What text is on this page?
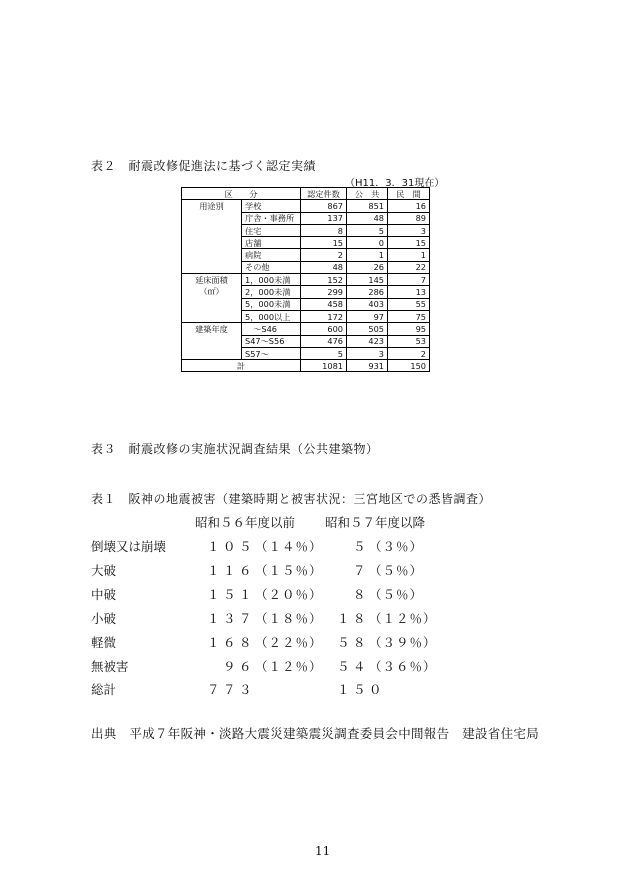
表２　耐震改修促進法に基づく認定実績
（H11．3．31現在）
区　　分		認定件数	公　共	民　間

用途別	学校	867	851	16
	庁舎・事務所	137	48	89
	住宅	8	5	3
	店舗	15	0	15
	病院	2	1	1
	その他	48	26	22

延床面積
（㎡）	1，000未満	152	145	7
	2，000未満	299	286	13
	5，000未満	458	403	55
	5，000以上	172	97	75

建築年度	　～S46	600	505	95
	S47～S56	476	423	53
	S57～	5	3	2
計		1081	931	150
表３　耐震改修の実施状況調査結果（公共建築物）
表１　阪神の地震被害（建築時期と被害状況：三宮地区での悉皆調査）
昭和５６年度以前 昭和５７年度以降
倒壊又は崩壊	１０５（１４％） 　５（３％）
大破	１１６（１５％） 　７（５％）
中破	１５１（２０％） 　８（５％）
小破	１３７（１８％） １８（１２％）
軽微	１６８（２２％） ５８（３９％）
無被害	　９６（１２％） ５４（３６％）
総計	７７３	１５０
出典　平成７年阪神・淡路大震災建築震災調査委員会中間報告　建設省住宅局
11
